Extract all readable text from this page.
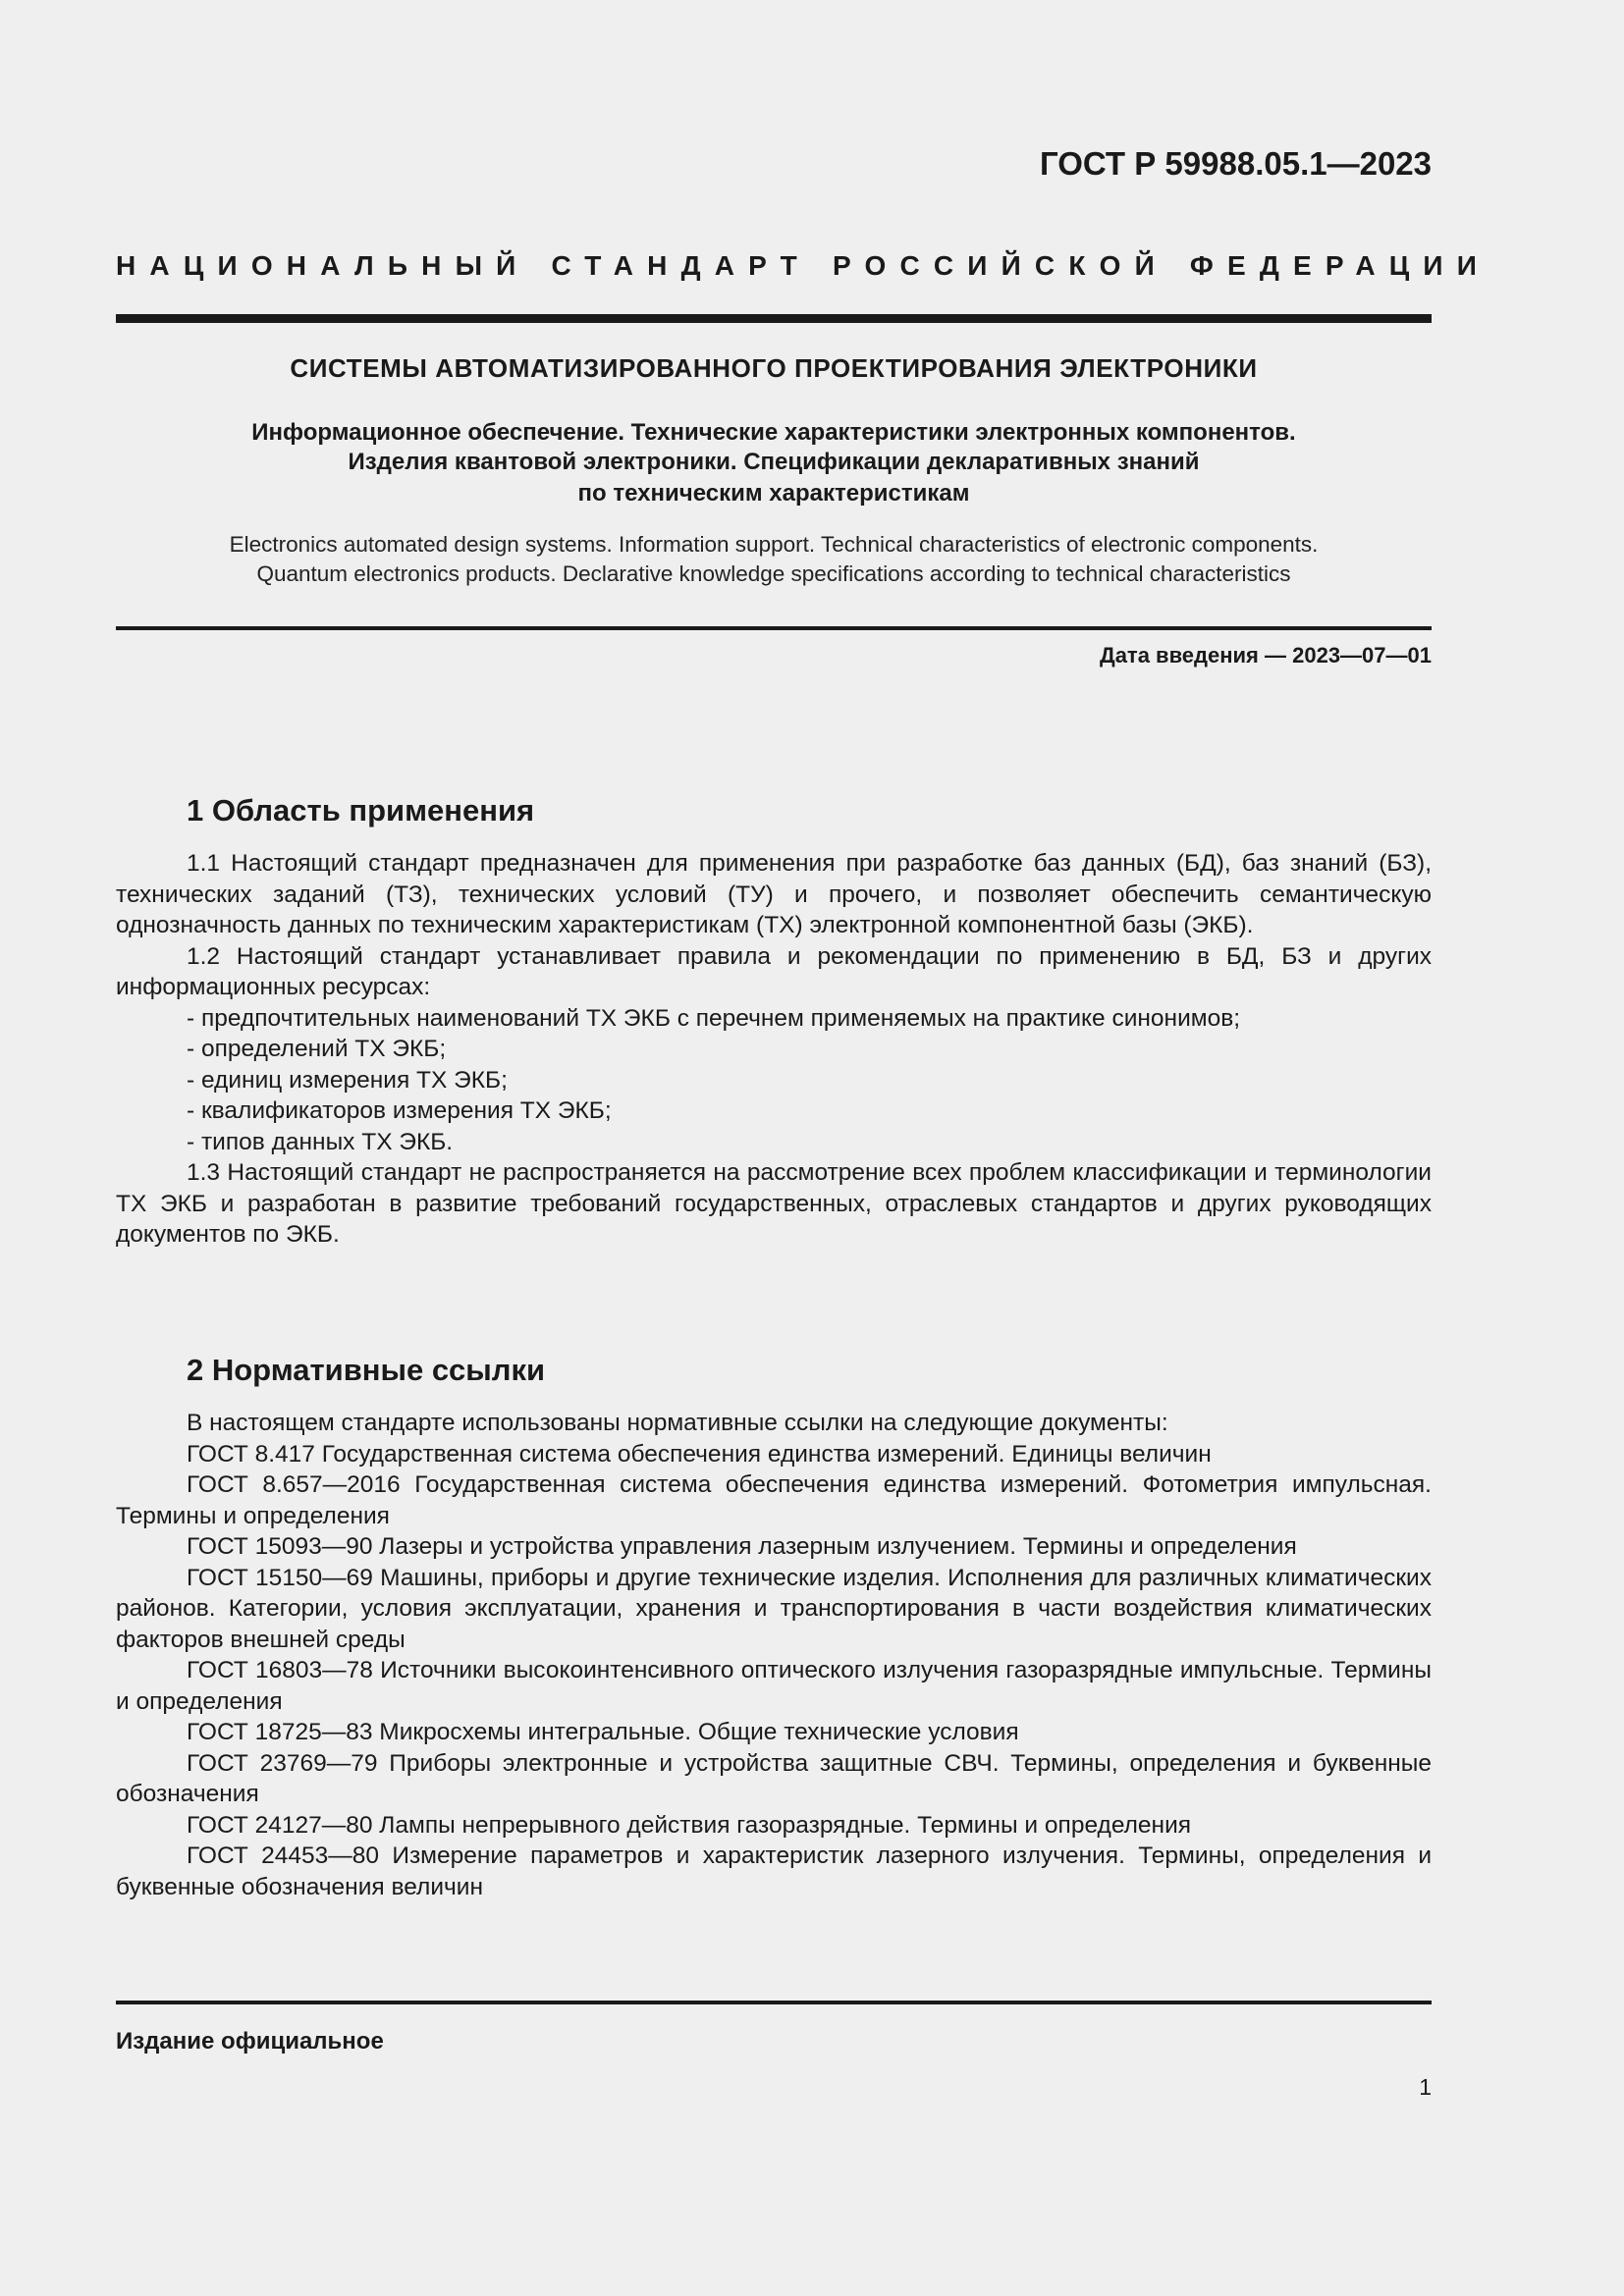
ГОСТ Р 59988.05.1—2023
НАЦИОНАЛЬНЫЙ СТАНДАРТ РОССИЙСКОЙ ФЕДЕРАЦИИ
СИСТЕМЫ АВТОМАТИЗИРОВАННОГО ПРОЕКТИРОВАНИЯ ЭЛЕКТРОНИКИ
Информационное обеспечение. Технические характеристики электронных компонентов.
Изделия квантовой электроники. Спецификации декларативных знаний
по техническим характеристикам
Electronics automated design systems. Information support. Technical characteristics of electronic components.
Quantum electronics products. Declarative knowledge specifications according to technical characteristics
Дата введения — 2023—07—01
1 Область применения

1.1 Настоящий стандарт предназначен для применения при разработке баз данных (БД), баз знаний (БЗ), технических заданий (ТЗ), технических условий (ТУ) и прочего, и позволяет обеспечить семантическую однозначность данных по техническим характеристикам (ТХ) электронной компонентной базы (ЭКБ).

1.2 Настоящий стандарт устанавливает правила и рекомендации по применению в БД, БЗ и других информационных ресурсах:

- предпочтительных наименований ТХ ЭКБ с перечнем применяемых на практике синонимов;
- определений ТХ ЭКБ;
- единиц измерения ТХ ЭКБ;
- квалификаторов измерения ТХ ЭКБ;
- типов данных ТХ ЭКБ.

1.3 Настоящий стандарт не распространяется на рассмотрение всех проблем классификации и терминологии ТХ ЭКБ и разработан в развитие требований государственных, отраслевых стандартов и других руководящих документов по ЭКБ.

2 Нормативные ссылки

В настоящем стандарте использованы нормативные ссылки на следующие документы:

ГОСТ 8.417 Государственная система обеспечения единства измерений. Единицы величин

ГОСТ 8.657—2016 Государственная система обеспечения единства измерений. Фотометрия импульсная. Термины и определения

ГОСТ 15093—90 Лазеры и устройства управления лазерным излучением. Термины и определения

ГОСТ 15150—69 Машины, приборы и другие технические изделия. Исполнения для различных климатических районов. Категории, условия эксплуатации, хранения и транспортирования в части воздействия климатических факторов внешней среды

ГОСТ 16803—78 Источники высокоинтенсивного оптического излучения газоразрядные импульсные. Термины и определения

ГОСТ 18725—83 Микросхемы интегральные. Общие технические условия

ГОСТ 23769—79 Приборы электронные и устройства защитные СВЧ. Термины, определения и буквенные обозначения

ГОСТ 24127—80 Лампы непрерывного действия газоразрядные. Термины и определения

ГОСТ 24453—80 Измерение параметров и характеристик лазерного излучения. Термины, определения и буквенные обозначения величин

Издание официальное
1
